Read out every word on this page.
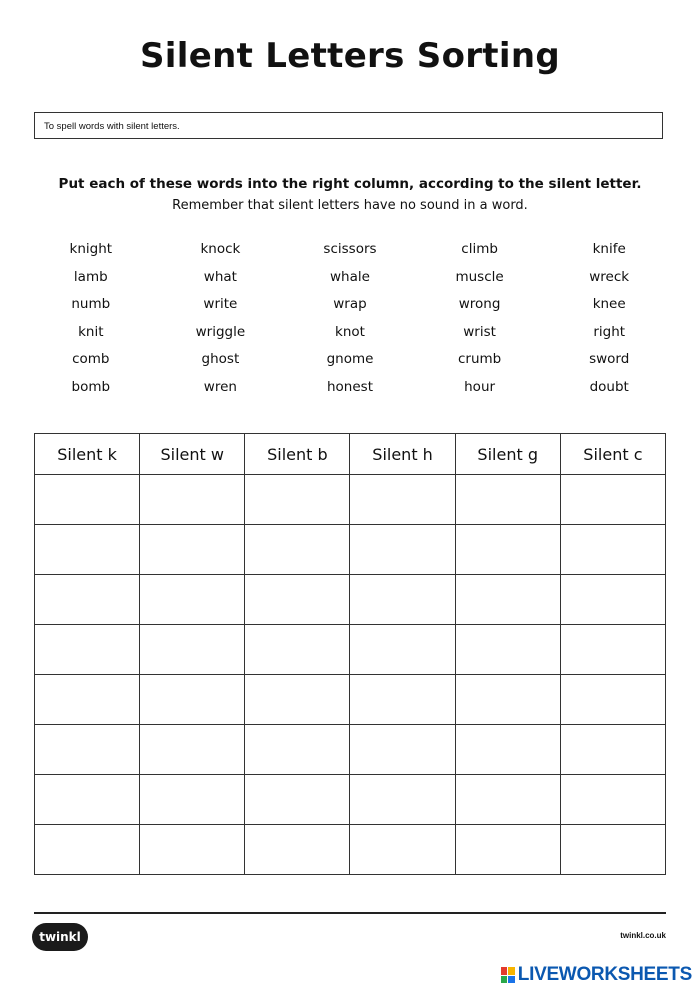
Silent Letters Sorting
To spell words with silent letters.
Put each of these words into the right column, according to the silent letter.
Remember that silent letters have no sound in a word.
knight	knock	scissors	climb	knife
lamb	what	whale	muscle	wreck
numb	write	wrap	wrong	knee
knit	wriggle	knot	wrist	right
comb	ghost	gnome	crumb	sword
bomb	wren	honest	hour	doubt
Silent k	Silent w	Silent b	Silent h	Silent g	Silent c

twinkl	twinkl.co.uk
LIVEWORKSHEETS
